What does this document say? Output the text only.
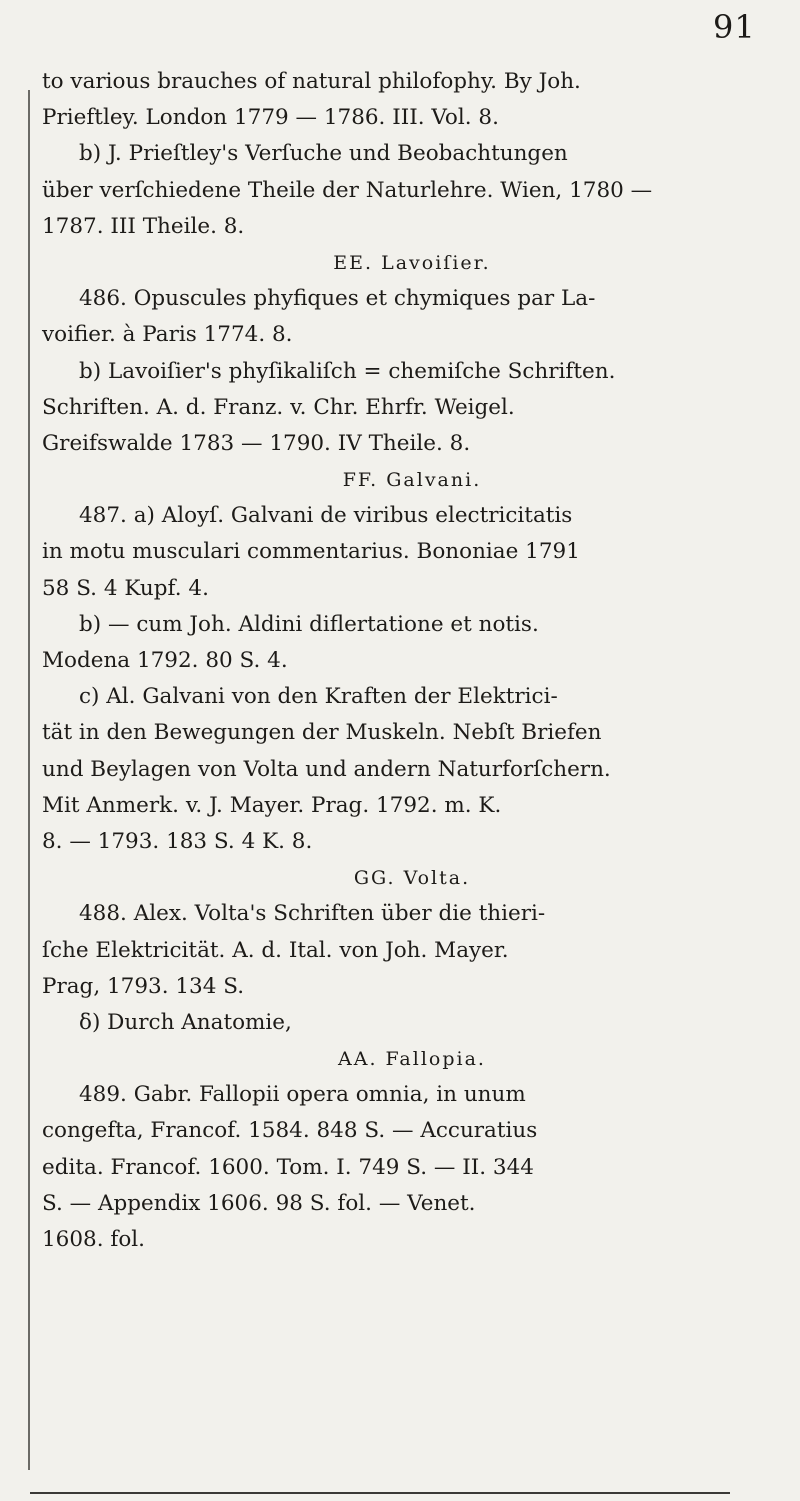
91
to various brauches of natural philofophy. By Joh.
Prieftley. London 1779 — 1786. III. Vol. 8.
b) J. Prieſtley's Verſuche und Beobachtungen
über verſchiedene Theile der Naturlehre. Wien, 1780 —
1787. III Theile. 8.
EE. Lavoiſier.
486. Opuscules phyfiques et chymiques par La-
voifier. à Paris 1774. 8.
b) Lavoiſier's phyſikaliſch = chemiſche Schriften.
Schriften. A. d. Franz. v. Chr. Ehrfr. Weigel.
Greifswalde 1783 — 1790. IV Theile. 8.
FF. Galvani.
487. a) Aloyſ. Galvani de viribus electricitatis
in motu musculari commentarius. Bononiae 1791
58 S. 4 Kupf. 4.
b) — cum Joh. Aldini diflertatione et notis.
Modena 1792. 80 S. 4.
c) Al. Galvani von den Kraften der Elektrici-
tät in den Bewegungen der Muskeln. Nebſt Briefen
und Beylagen von Volta und andern Naturforſchern.
Mit Anmerk. v. J. Mayer. Prag. 1792. m. K.
8. — 1793. 183 S. 4 K. 8.
GG. Volta.
488. Alex. Volta's Schriften über die thieri-
ſche Elektricität. A. d. Ital. von Joh. Mayer.
Prag, 1793. 134 S.
δ) Durch Anatomie,
AA. Fallopia.
489. Gabr. Fallopii opera omnia, in unum
congefta, Francof. 1584. 848 S. — Accuratius
edita. Francof. 1600. Tom. I. 749 S. — II. 344
S. — Appendix 1606. 98 S. fol. — Venet.
1608. fol.
